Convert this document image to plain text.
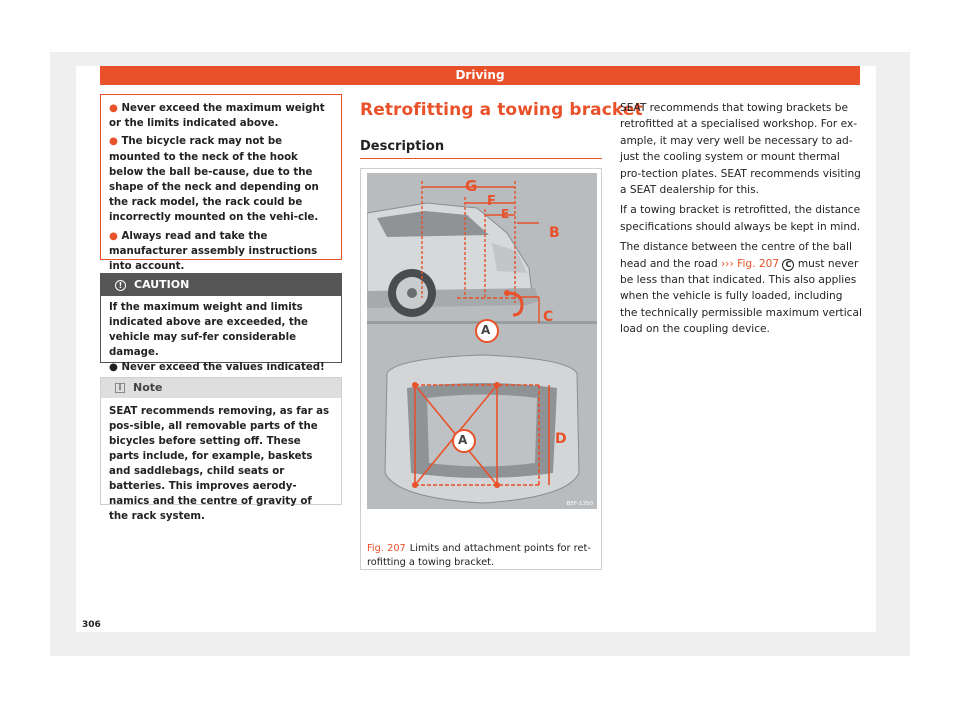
Driving

● Never exceed the maximum weight or the limits indicated above.

● The bicycle rack may not be mounted to the neck of the hook below the ball be-cause, due to the shape of the neck and depending on the rack model, the rack could be incorrectly mounted on the vehi-cle.

● Always read and take the manufacturer assembly instructions into account.

!	CAUTION

If the maximum weight and limits indicated above are exceeded, the vehicle may suf-fer considerable damage.

● Never exceed the values indicated!

i	Note
SEAT recommends removing, as far as pos-sible, all removable parts of the bicycles before setting off. These parts include, for example, baskets and saddlebags, child seats or batteries. This improves aerody-namics and the centre of gravity of the rack system.
Retrofitting a towing bracket
Description
G
F
E
B
C
A
A	D
B5F-1350
Fig. 207 Limits and attachment points for ret-rofitting a towing bracket.

SEAT recommends that towing brackets be retrofitted at a specialised workshop. For ex-ample, it may very well be necessary to ad-just the cooling system or mount thermal pro-tection plates. SEAT recommends visiting a SEAT dealership for this.

If a towing bracket is retrofitted, the distance specifications should always be kept in mind.

The distance between the centre of the ball head and the road ››› Fig. 207 C must never be less than that indicated. This also applies when the vehicle is fully loaded, including the technically permissible maximum vertical load on the coupling device.

306
